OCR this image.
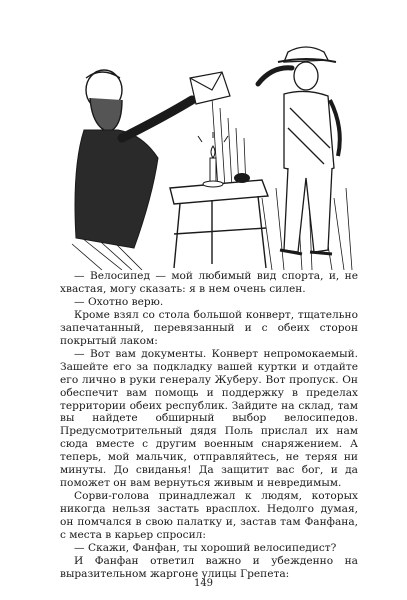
— Велосипед — мой любимый вид спорта, и, не хвастая, могу сказать: я в нем очень силен.

— Охотно верю.

Кроме взял со стола большой конверт, тщательно запечатанный, перевязанный и с обеих сторон покрытый лаком:

— Вот вам документы. Конверт непромокаемый. Зашейте его за подкладку вашей куртки и отдайте его лично в руки генералу Жуберу. Вот пропуск. Он обеспечит вам помощь и поддержку в пределах территории обеих республик. Зайдите на склад, там вы найдете обширный выбор велосипедов. Предусмотрительный дядя Поль прислал их нам сюда вместе с другим военным снаряжением. А теперь, мой мальчик, отправляйтесь, не теряя ни минуты. До свиданья! Да защитит вас бог, и да поможет он вам вернуться живым и невредимым.

Сорви-голова принадлежал к людям, которых никогда нельзя застать врасплох. Недолго думая, он помчался в свою палатку и, застав там Фанфана, с места в карьер спросил:

— Скажи, Фанфан, ты хороший велосипедист?

И Фанфан ответил важно и убежденно на выразительном жаргоне улицы Грепета:

149
